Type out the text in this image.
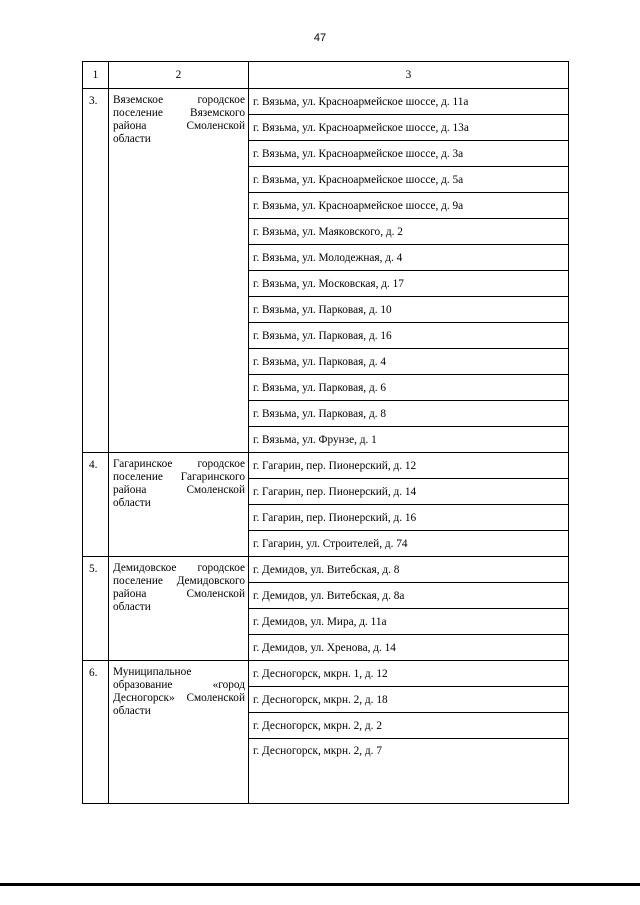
47
1	2	3
3.	Вяземское городское поселение Вяземского района Смоленской области	г. Вязьма, ул. Красноармейское шоссе, д. 11а
		г. Вязьма, ул. Красноармейское шоссе, д. 13а
		г. Вязьма, ул. Красноармейское шоссе, д. 3а
		г. Вязьма, ул. Красноармейское шоссе, д. 5а
		г. Вязьма, ул. Красноармейское шоссе, д. 9а
		г. Вязьма, ул. Маяковского, д. 2
		г. Вязьма, ул. Молодежная, д. 4
		г. Вязьма, ул. Московская, д. 17
		г. Вязьма, ул. Парковая, д. 10
		г. Вязьма, ул. Парковая, д. 16
		г. Вязьма, ул. Парковая, д. 4
		г. Вязьма, ул. Парковая, д. 6
		г. Вязьма, ул. Парковая, д. 8
		г. Вязьма, ул. Фрунзе, д. 1
4.	Гагаринское городское поселение Гагаринского района Смоленской области	г. Гагарин, пер. Пионерский, д. 12
		г. Гагарин, пер. Пионерский, д. 14
		г. Гагарин, пер. Пионерский, д. 16
		г. Гагарин, ул. Строителей, д. 74
5.	Демидовское городское поселение Демидовского района Смоленской области	г. Демидов, ул. Витебская, д. 8
		г. Демидов, ул. Витебская, д. 8а
		г. Демидов, ул. Мира, д. 11а
		г. Демидов, ул. Хренова, д. 14
6.	Муниципальное образование «город Десногорск» Смоленской области	г. Десногорск, мкрн. 1, д. 12
		г. Десногорск, мкрн. 2, д. 18
		г. Десногорск, мкрн. 2, д. 2
		г. Десногорск, мкрн. 2, д. 7
